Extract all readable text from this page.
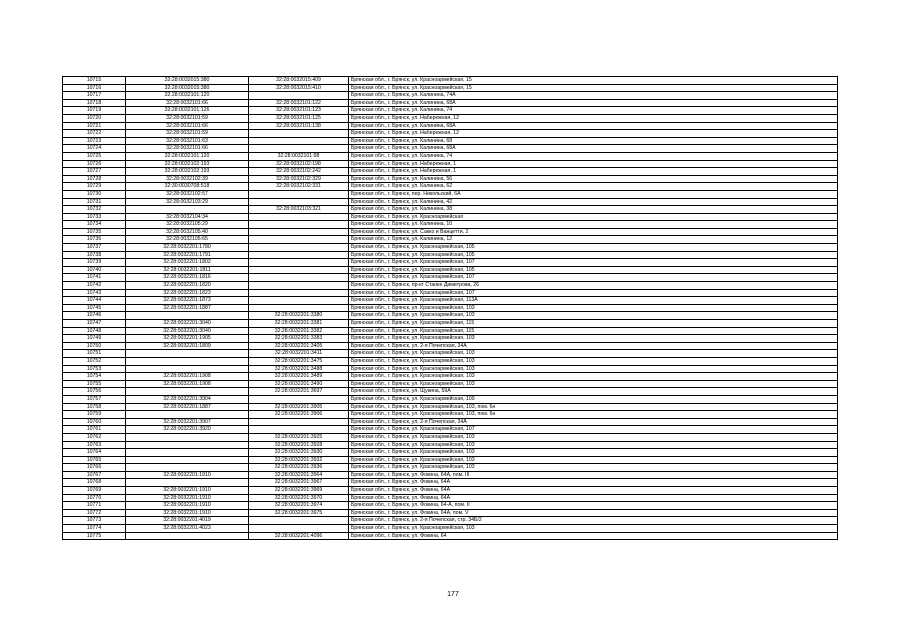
10715	32:28:0032015:380	32:28:0032015:409	Брянская обл., г. Брянск, ул. Красноармейская, 15
10716	32:28:0032015:380	32:28:0032015:410	Брянская обл., г. Брянск, ул. Красноармейская, 15
10717	32:28:0032101:120		Брянская обл., г. Брянск, ул. Калинина, 74А
10718	32:28:0032101:66	32:28:0032101:122	Брянская обл., г. Брянск, ул. Калинина, 68А
10719	32:28:0032101:126	32:28:0032101:123	Брянская обл., г. Брянск, ул. Калинина, 74
10720	32:28:0032101:59	32:28:0032101:125	Брянская обл., г. Брянск, ул. Набережная, 12
10721	32:28:0032101:66	32:28:0032101:138	Брянская обл., г. Брянск, ул. Калинина, 68А
10722	32:28:0032101:59		Брянская обл., г. Брянск, ул. Набережная, 12
10723	32:28:0032101:63		Брянская обл., г. Брянск, ул. Калинина, 68
10724	32:28:0032101:66		Брянская обл., г. Брянск, ул. Калинина, 68А
10725	32:28:0032101:120	32:28:0032101:98	Брянская обл., г. Брянск, ул. Калинина, 74
10726	32:28:0032102:193	32:28:0032102:198	Брянская обл., г. Брянск, ул. Набережная, 1
10727	32:28:0032102:193	32:28:0032102:242	Брянская обл., г. Брянск, ул. Набережная, 1
10728	32:28:0032102:39	32:28:0032102:329	Брянская обл., г. Брянск, ул. Калинина, 56
10729	32:30:0030708:518	32:28:0032102:331	Брянская обл., г. Брянск, ул. Калинина, 62
10730	32:28:0032102:57		Брянская обл., г. Брянск, пер. Никольский, 6А
10731	32:28:0032103:29		Брянская обл., г. Брянск, ул. Калинина, 42
10732		32:28:0032103:321	Брянская обл., г. Брянск, ул. Калинина, 38
10733	32:28:0032104:34		Брянская обл., г. Брянск, ул. Красноармейская
10734	32:28:0032105:29		Брянская обл., г. Брянск, ул. Калинина, 10
10735	32:28:0032105:40		Брянская обл., г. Брянск, ул. Сакко и Ванцетти, 2
10736	32:28:0032105:65		Брянская обл., г. Брянск, ул. Калинина, 12
10737	32:28:0032201:1780		Брянская обл., г. Брянск, ул. Красноармейская, 105
10738	32:28:0032201:1791		Брянская обл., г. Брянск, ул. Красноармейская, 105
10739	32:28:0032201:1802		Брянская обл., г. Брянск, ул. Красноармейская, 107
10740	32:28:0032201:1811		Брянская обл., г. Брянск, ул. Красноармейская, 105
10741	32:28:0032201:1816		Брянская обл., г. Брянск, ул. Красноармейская, 107
10742	32:28:0032201:1820		Брянская обл., г. Брянск, пр-кт Станке Димитрова, 26
10743	32:28:0032201:1823		Брянская обл., г. Брянск, ул. Красноармейская, 107
10744	32:28:0032201:1873		Брянская обл., г. Брянск, ул. Красноармейская, 113А
10745	32:28:0032201:1887		Брянская обл., г. Брянск, ул. Красноармейская, 103
10746		32:28:0032201:3380	Брянская обл., г. Брянск, ул. Красноармейская, 103
10747	32:28:0032201:3040	32:28:0032201:3381	Брянская обл., г. Брянск, ул. Красноармейская, 115
10748	32:28:0032201:3040	32:28:0032201:3382	Брянская обл., г. Брянск, ул. Красноармейская, 115
10749	32:28:0032201:1905	32:28:0032201:3383	Брянская обл., г. Брянск, ул. Красноармейская, 103
10750	32:28:0032201:1809	32:28:0032201:3405	Брянская обл., г. Брянск, ул. 2-я Почепская, 34А
10751		32:28:0032201:3411	Брянская обл., г. Брянск, ул. Красноармейская, 103
10752		32:28:0032201:3475	Брянская обл., г. Брянск, ул. Красноармейская, 103
10753		32:28:0032201:3488	Брянская обл., г. Брянск, ул. Красноармейская, 103
10754	32:28:0032201:1908	32:28:0032201:3489	Брянская обл., г. Брянск, ул. Красноармейская, 103
10755	32:28:0032201:1908	32:28:0032201:3490	Брянская обл., г. Брянск, ул. Красноармейская, 103
10756		32:28:0032201:3697	Брянская обл., г. Брянск, ул. Щукина, 59А
10757	32:28:0032201:3904		Брянская обл., г. Брянск, ул. Красноармейская, 109
10758	32:28:0032201:1887	32:28:0032201:3905	Брянская обл., г. Брянск, ул. Красноармейская, 103, пом. 6н
10759		32:28:0032201:3906	Брянская обл., г. Брянск, ул. Красноармейская, 103, пом. 6н
10760	32:28:0032201:3907		Брянская обл., г. Брянск, ул. 2-я Почепская, 34А
10761	32:28:0032201:3920		Брянская обл., г. Брянск, ул. Красноармейская, 107
10762		32:28:0032201:3925	Брянская обл., г. Брянск, ул. Красноармейская, 103
10763		32:28:0032201:3928	Брянская обл., г. Брянск, ул. Красноармейская, 103
10764		32:28:0032201:3930	Брянская обл., г. Брянск, ул. Красноармейская, 103
10765		32:28:0032201:3932	Брянская обл., г. Брянск, ул. Красноармейская, 103
10766		32:28:0032201:3936	Брянская обл., г. Брянск, ул. Красноармейская, 103
10767	32:28:0032201:1910	32:28:0032201:3964	Брянская обл., г. Брянск, ул. Фокина, 64А, пом. III
10768		32:28:0032201:3967	Брянская обл., г. Брянск, ул. Фокина, 64А
10769	32:28:0032201:1910	32:28:0032201:3969	Брянская обл., г. Брянск, ул. Фокина, 64А
10770	32:28:0032201:1910	32:28:0032201:3970	Брянская обл., г. Брянск, ул. Фокина, 64А
10771	32:28:0032201:1910	32:28:0032201:3974	Брянская обл., г. Брянск, ул. Фокина, 64-А, пом. II
10772	32:28:0032201:1910	32:28:0032201:3975	Брянская обл., г. Брянск, ул. Фокина, 64А, пом. V
10773	32:28:0032201:4019		Брянская обл., г. Брянск, ул. 2-я Почепская, стр. 34Б/2
10774	32:28:0032201:4023		Брянская обл., г. Брянск, ул. Красноармейская, 103
10775		32:28:0032201:4096	Брянская обл., г. Брянск, ул. Фокина, 64
177
